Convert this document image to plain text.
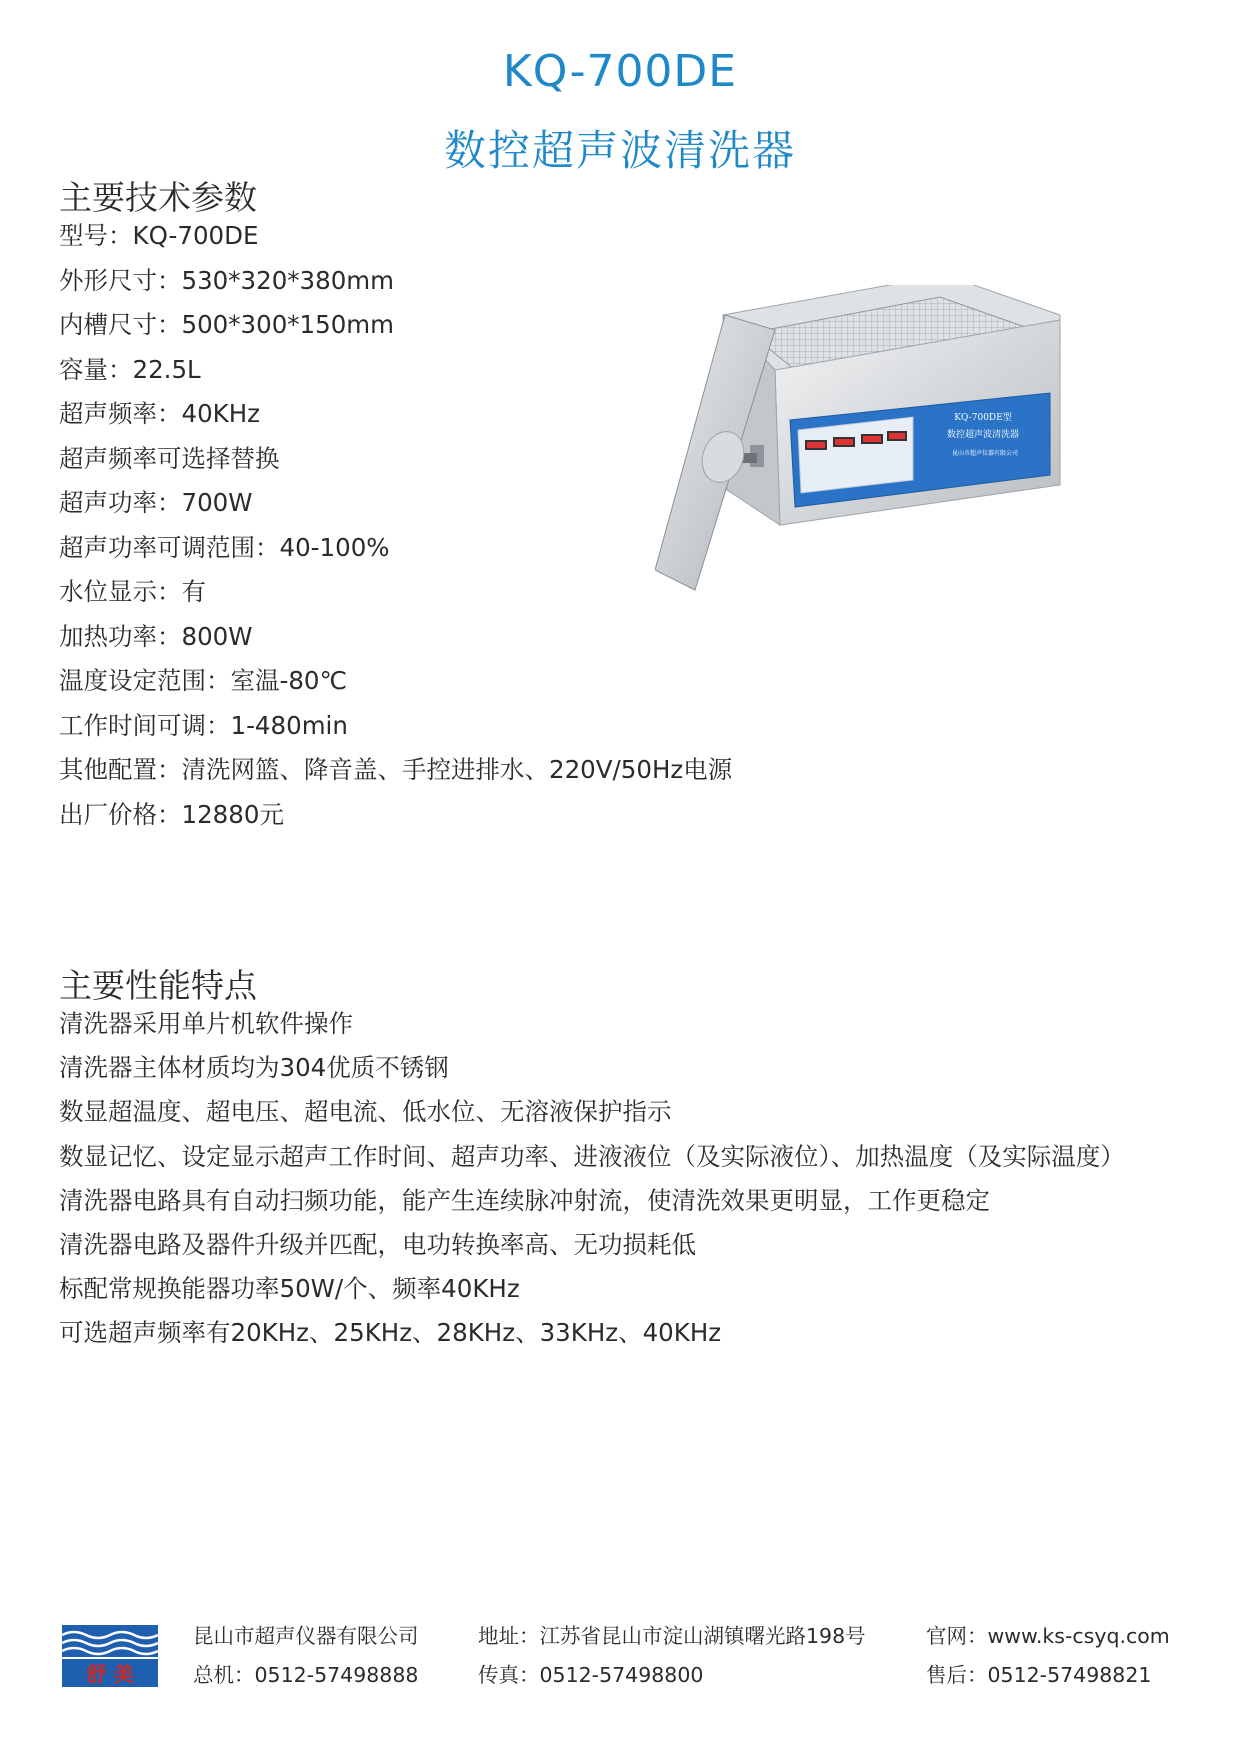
KQ-700DE
数控超声波清洗器
主要技术参数
型号：KQ-700DE
外形尺寸：530*320*380mm
内槽尺寸：500*300*150mm
容量：22.5L
超声频率：40KHz
超声频率可选择替换
超声功率：700W
超声功率可调范围：40-100%
水位显示：有
加热功率：800W
温度设定范围：室温-80℃
工作时间可调：1-480min
其他配置：清洗网篮、降音盖、手控进排水、220V/50Hz电源
出厂价格：12880元
KQ-700DE型
数控超声波清洗器
昆山市超声仪器有限公司
主要性能特点
清洗器采用单片机软件操作
清洗器主体材质均为304优质不锈钢
数显超温度、超电压、超电流、低水位、无溶液保护指示
数显记忆、设定显示超声工作时间、超声功率、进液液位（及实际液位）、加热温度（及实际温度）
清洗器电路具有自动扫频功能，能产生连续脉冲射流，使清洗效果更明显，工作更稳定
清洗器电路及器件升级并匹配，电功转换率高、无功损耗低
标配常规换能器功率50W/个、频率40KHz
可选超声频率有20KHz、25KHz、28KHz、33KHz、40KHz
舒 美
昆山市超声仪器有限公司
总机：0512-57498888
地址：江苏省昆山市淀山湖镇曙光路198号
传真：0512-57498800
官网：www.ks-csyq.com
售后：0512-57498821
